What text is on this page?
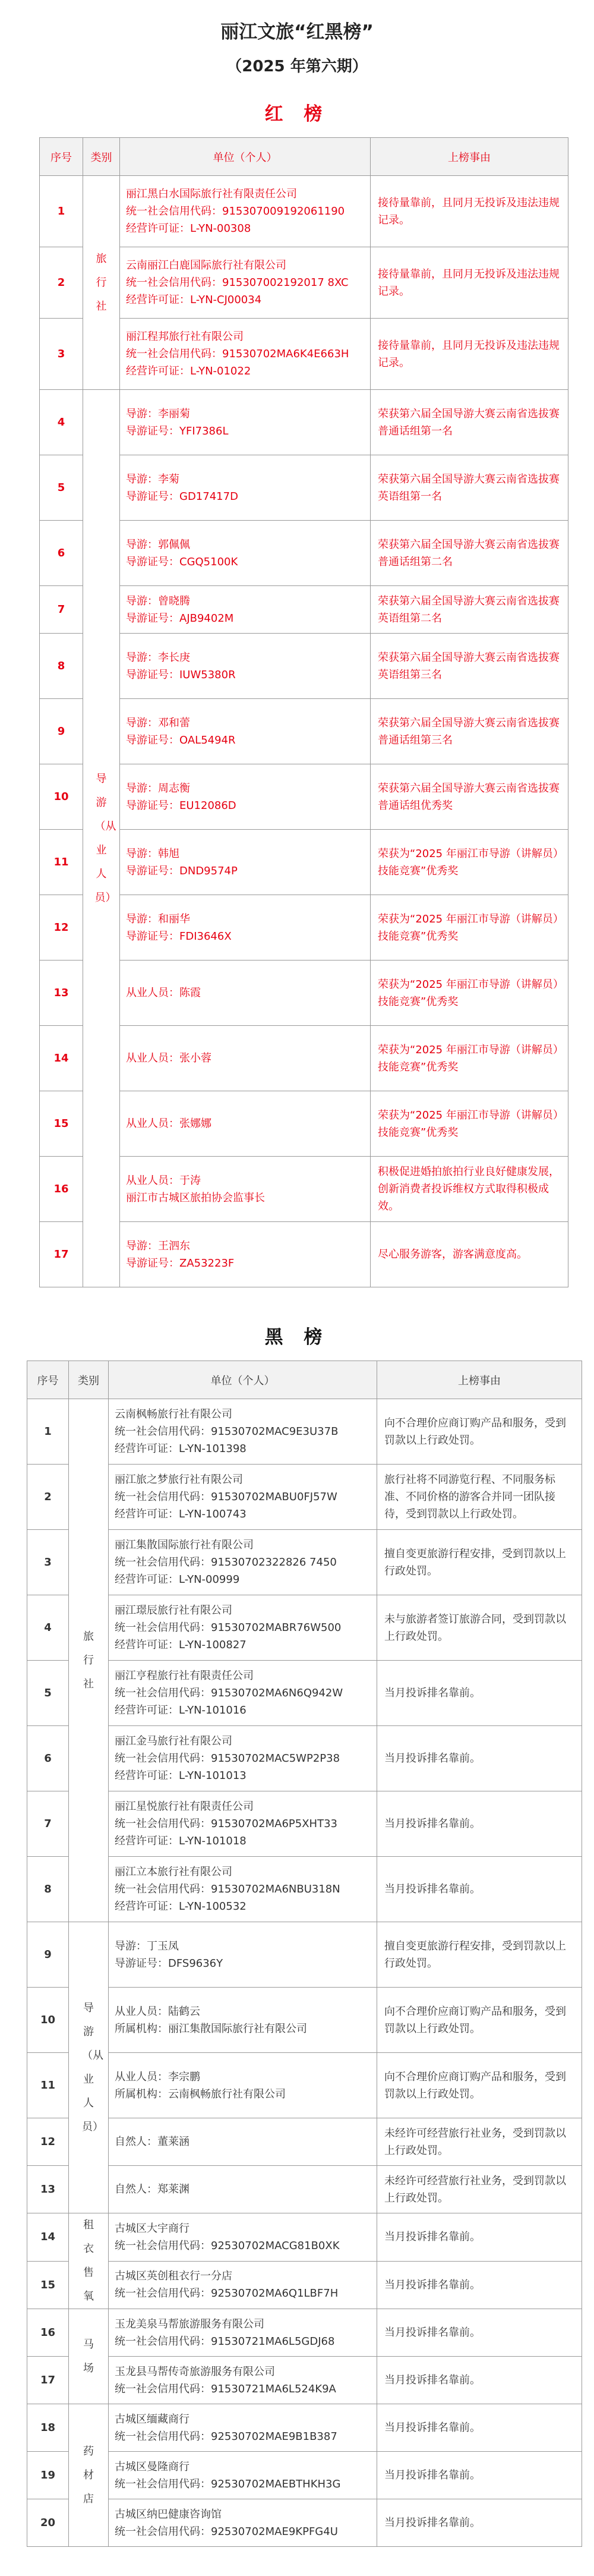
丽江文旅“红黑榜”
（2025 年第六期）
红 榜
序号	类别	单位（个人）	上榜事由
1	旅行社	丽江黑白水国际旅行社有限责任公司
统一社会信用代码：915307009192061190
经营许可证：L-YN-00308	接待量靠前，且同月无投诉及违法违规记录。
2		云南丽江白鹿国际旅行社有限公司
统一社会信用代码：915307002192017 8XC
经营许可证：L-YN-CJ00034	接待量靠前，且同月无投诉及违法违规记录。
3		丽江程邦旅行社有限公司
统一社会信用代码：91530702MA6K4E663H
经营许可证：L-YN-01022	接待量靠前，且同月无投诉及违法违规记录。
4	导游（从业人员）	导游：李丽菊
导游证号：YFI7386L	荣获第六届全国导游大赛云南省选拔赛普通话组第一名
5		导游：李菊
导游证号：GD17417D	荣获第六届全国导游大赛云南省选拔赛英语组第一名
6		导游：郭佩佩
导游证号：CGQ5100K	荣获第六届全国导游大赛云南省选拔赛普通话组第二名
7		导游：曾晓腾
导游证号：AJB9402M	荣获第六届全国导游大赛云南省选拔赛英语组第二名
8		导游：李长庚
导游证号：IUW5380R	荣获第六届全国导游大赛云南省选拔赛英语组第三名
9		导游：邓和蕾
导游证号：OAL5494R	荣获第六届全国导游大赛云南省选拔赛普通话组第三名
10		导游：周志衡
导游证号：EU12086D	荣获第六届全国导游大赛云南省选拔赛普通话组优秀奖
11		导游：韩旭
导游证号：DND9574P	荣获为“2025 年丽江市导游（讲解员）技能竞赛”优秀奖
12		导游：和丽华
导游证号：FDI3646X	荣获为“2025 年丽江市导游（讲解员）技能竞赛”优秀奖
13		从业人员：陈霞	荣获为“2025 年丽江市导游（讲解员）技能竞赛”优秀奖
14		从业人员：张小蓉	荣获为“2025 年丽江市导游（讲解员）技能竞赛”优秀奖
15		从业人员：张娜娜	荣获为“2025 年丽江市导游（讲解员）技能竞赛”优秀奖
16		从业人员：于涛
丽江市古城区旅拍协会监事长	积极促进婚拍旅拍行业良好健康发展，创新消费者投诉维权方式取得积极成效。
17		导游：王泗东
导游证号：ZA53223F	尽心服务游客，游客满意度高。
黑 榜
序号	类别	单位（个人）	上榜事由
1	旅行社	云南枫畅旅行社有限公司
统一社会信用代码：91530702MAC9E3U37B
经营许可证：L-YN-101398	向不合理价应商订购产品和服务，受到罚款以上行政处罚。
2		丽江旅之梦旅行社有限公司
统一社会信用代码：91530702MABU0FJ57W
经营许可证：L-YN-100743	旅行社将不同游览行程、不同服务标准、不同价格的游客合并同一团队接待，受到罚款以上行政处罚。
3		丽江集散国际旅行社有限公司
统一社会信用代码：91530702322826 7450
经营许可证：L-YN-00999	擅自变更旅游行程安排，受到罚款以上行政处罚。
4		丽江璟辰旅行社有限公司
统一社会信用代码：91530702MABR76W500
经营许可证：L-YN-100827	未与旅游者签订旅游合同，受到罚款以上行政处罚。
5		丽江亨程旅行社有限责任公司
统一社会信用代码：91530702MA6N6Q942W
经营许可证：L-YN-101016	当月投诉排名靠前。
6		丽江金马旅行社有限公司
统一社会信用代码：91530702MAC5WP2P38
经营许可证：L-YN-101013	当月投诉排名靠前。
7		丽江星悦旅行社有限责任公司
统一社会信用代码：91530702MA6P5XHT33
经营许可证：L-YN-101018	当月投诉排名靠前。
8		丽江立本旅行社有限公司
统一社会信用代码：91530702MA6NBU318N
经营许可证：L-YN-100532	当月投诉排名靠前。
9	导游（从业人员）	导游：丁玉凤
导游证号：DFS9636Y	擅自变更旅游行程安排，受到罚款以上行政处罚。
10		从业人员：陆鹤云
所属机构：丽江集散国际旅行社有限公司	向不合理价应商订购产品和服务，受到罚款以上行政处罚。
11		从业人员：李宗鹏
所属机构：云南枫畅旅行社有限公司	向不合理价应商订购产品和服务，受到罚款以上行政处罚。
12		自然人：董莱涵	未经许可经营旅行社业务，受到罚款以上行政处罚。
13		自然人：郑莱渊	未经许可经营旅行社业务，受到罚款以上行政处罚。
14	租衣售氧	古城区大宇商行
统一社会信用代码：92530702MACG81B0XK	当月投诉排名靠前。
15		古城区英创租衣行一分店
统一社会信用代码：92530702MA6Q1LBF7H	当月投诉排名靠前。
16	马场	玉龙美泉马帮旅游服务有限公司
统一社会信用代码：91530721MA6L5GDJ68	当月投诉排名靠前。
17		玉龙县马帮传奇旅游服务有限公司
统一社会信用代码：91530721MA6L524K9A	当月投诉排名靠前。
18	药材店	古城区缅藏商行
统一社会信用代码：92530702MAE9B1B387	当月投诉排名靠前。
19		古城区曼隆商行
统一社会信用代码：92530702MAEBTHKH3G	当月投诉排名靠前。
20		古城区纳巴健康咨询馆
统一社会信用代码：92530702MAE9KPFG4U	当月投诉排名靠前。
